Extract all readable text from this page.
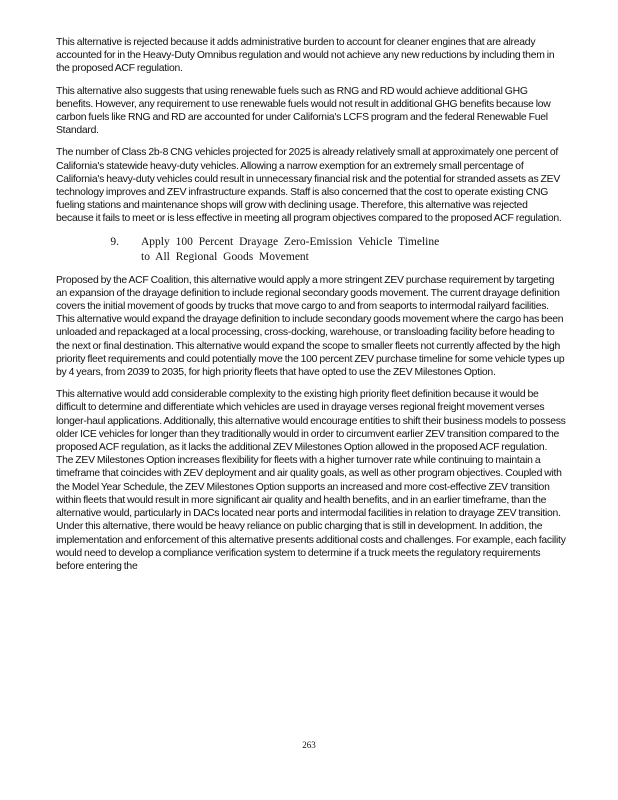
This alternative is rejected because it adds administrative burden to account for cleaner engines that are already accounted for in the Heavy-Duty Omnibus regulation and would not achieve any new reductions by including them in the proposed ACF regulation.

This alternative also suggests that using renewable fuels such as RNG and RD would achieve additional GHG benefits. However, any requirement to use renewable fuels would not result in additional GHG benefits because low carbon fuels like RNG and RD are accounted for under California's LCFS program and the federal Renewable Fuel Standard.

The number of Class 2b-8 CNG vehicles projected for 2025 is already relatively small at approximately one percent of California's statewide heavy-duty vehicles. Allowing a narrow exemption for an extremely small percentage of California's heavy-duty vehicles could result in unnecessary financial risk and the potential for stranded assets as ZEV technology improves and ZEV infrastructure expands. Staff is also concerned that the cost to operate existing CNG fueling stations and maintenance shops will grow with declining usage. Therefore, this alternative was rejected because it fails to meet or is less effective in meeting all program objectives compared to the proposed ACF regulation.

9.	Apply 100 Percent Drayage Zero-Emission Vehicle Timeline
to All Regional Goods Movement

Proposed by the ACF Coalition, this alternative would apply a more stringent ZEV purchase requirement by targeting an expansion of the drayage definition to include regional secondary goods movement. The current drayage definition covers the initial movement of goods by trucks that move cargo to and from seaports to intermodal railyard facilities. This alternative would expand the drayage definition to include secondary goods movement where the cargo has been unloaded and repackaged at a local processing, cross-docking, warehouse, or transloading facility before heading to the next or final destination. This alternative would expand the scope to smaller fleets not currently affected by the high priority fleet requirements and could potentially move the 100 percent ZEV purchase timeline for some vehicle types up by 4 years, from 2039 to 2035, for high priority fleets that have opted to use the ZEV Milestones Option.

This alternative would add considerable complexity to the existing high priority fleet definition because it would be difficult to determine and differentiate which vehicles are used in drayage verses regional freight movement verses longer-haul applications. Additionally, this alternative would encourage entities to shift their business models to possess older ICE vehicles for longer than they traditionally would in order to circumvent earlier ZEV transition compared to the proposed ACF regulation, as it lacks the additional ZEV Milestones Option allowed in the proposed ACF regulation. The ZEV Milestones Option increases flexibility for fleets with a higher turnover rate while continuing to maintain a timeframe that coincides with ZEV deployment and air quality goals, as well as other program objectives. Coupled with the Model Year Schedule, the ZEV Milestones Option supports an increased and more cost-effective ZEV transition within fleets that would result in more significant air quality and health benefits, and in an earlier timeframe, than the alternative would, particularly in DACs located near ports and intermodal facilities in relation to drayage ZEV transition. Under this alternative, there would be heavy reliance on public charging that is still in development. In addition, the implementation and enforcement of this alternative presents additional costs and challenges. For example, each facility would need to develop a compliance verification system to determine if a truck meets the regulatory requirements before entering the

263
